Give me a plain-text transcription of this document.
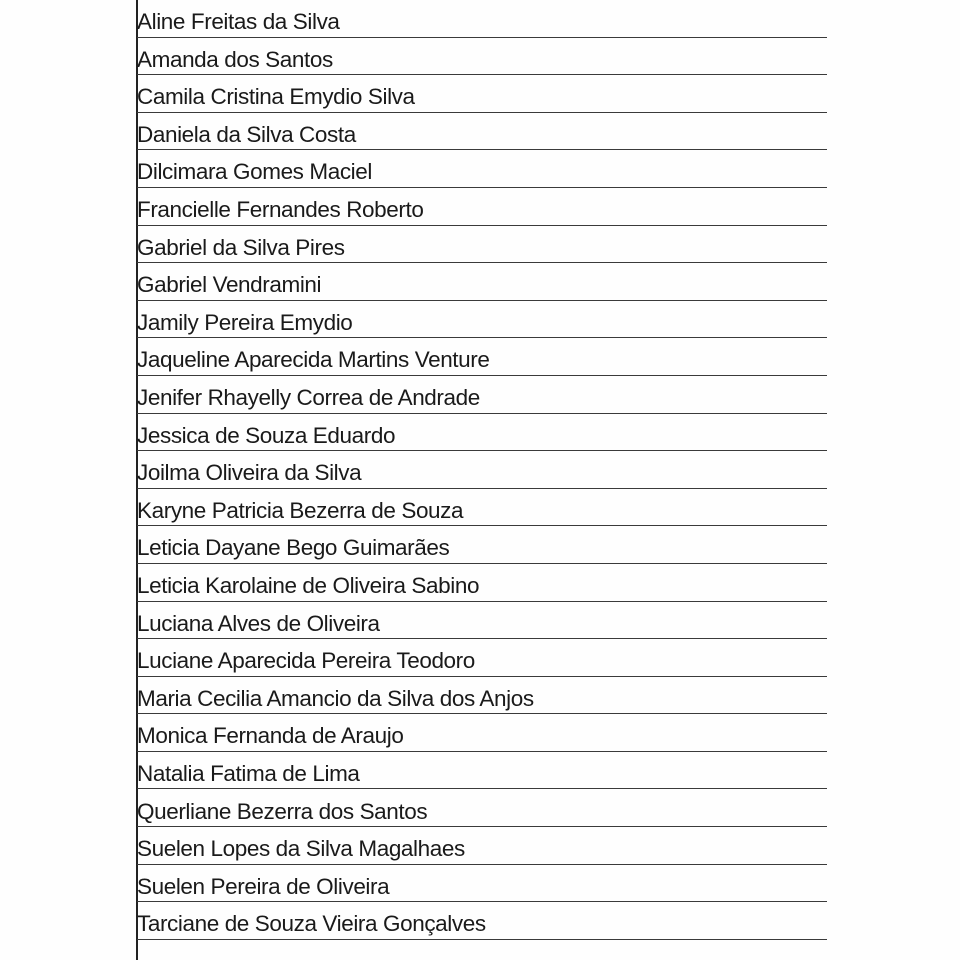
Aline Freitas da Silva
Amanda dos Santos
Camila Cristina Emydio Silva
Daniela da Silva Costa
Dilcimara Gomes Maciel
Francielle Fernandes Roberto
Gabriel da Silva Pires
Gabriel Vendramini
Jamily Pereira Emydio
Jaqueline Aparecida Martins Venture
Jenifer Rhayelly Correa de Andrade
Jessica de Souza Eduardo
Joilma Oliveira da Silva
Karyne Patricia Bezerra de Souza
Leticia Dayane Bego Guimarães
Leticia Karolaine de Oliveira Sabino
Luciana Alves de Oliveira
Luciane Aparecida Pereira Teodoro
Maria Cecilia Amancio da Silva dos Anjos
Monica Fernanda de Araujo
Natalia Fatima de Lima
Querliane Bezerra dos Santos
Suelen Lopes da Silva Magalhaes
Suelen Pereira de Oliveira
Tarciane de Souza Vieira Gonçalves
